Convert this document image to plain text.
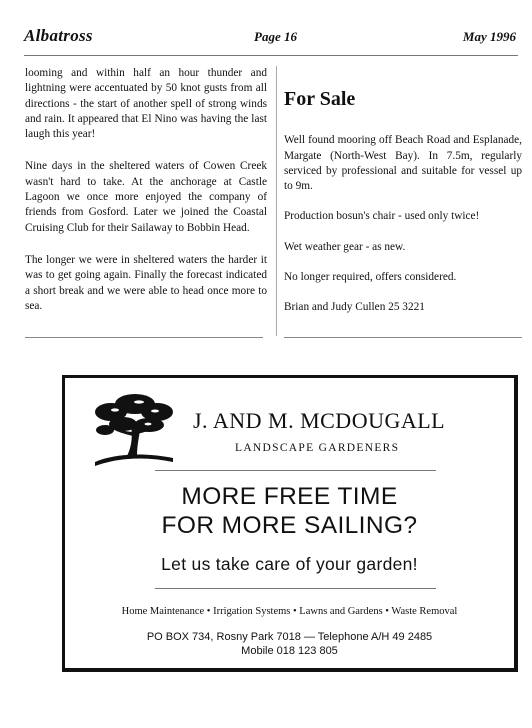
Albatross	Page 16	May 1996

looming and within half an hour thunder and lightning were accentuated by 50 knot gusts from all directions - the start of another spell of strong winds and rain. It appeared that El Nino was having the last laugh this year!

Nine days in the sheltered waters of Cowen Creek wasn't hard to take. At the anchorage at Castle Lagoon we once more enjoyed the company of friends from Gosford. Later we joined the Coastal Cruising Club for their Sailaway to Bobbin Head.

The longer we were in sheltered waters the harder it was to get going again. Finally the forecast indicated a short break and we were able to head once more to sea.

For Sale

Well found mooring off Beach Road and Esplanade, Margate (North-West Bay). In 7.5m, regularly serviced by professional and suitable for vessel up to 9m.

Production bosun's chair - used only twice!

Wet weather gear - as new.

No longer required, offers considered.

Brian and Judy Cullen 25 3221

J. AND M. MCDOUGALL
LANDSCAPE GARDENERS
MORE FREE TIME
FOR MORE SAILING?
Let us take care of your garden!
Home Maintenance • Irrigation Systems • Lawns and Gardens • Waste Removal
PO BOX 734, Rosny Park 7018 — Telephone A/H 49 2485
Mobile 018 123 805
